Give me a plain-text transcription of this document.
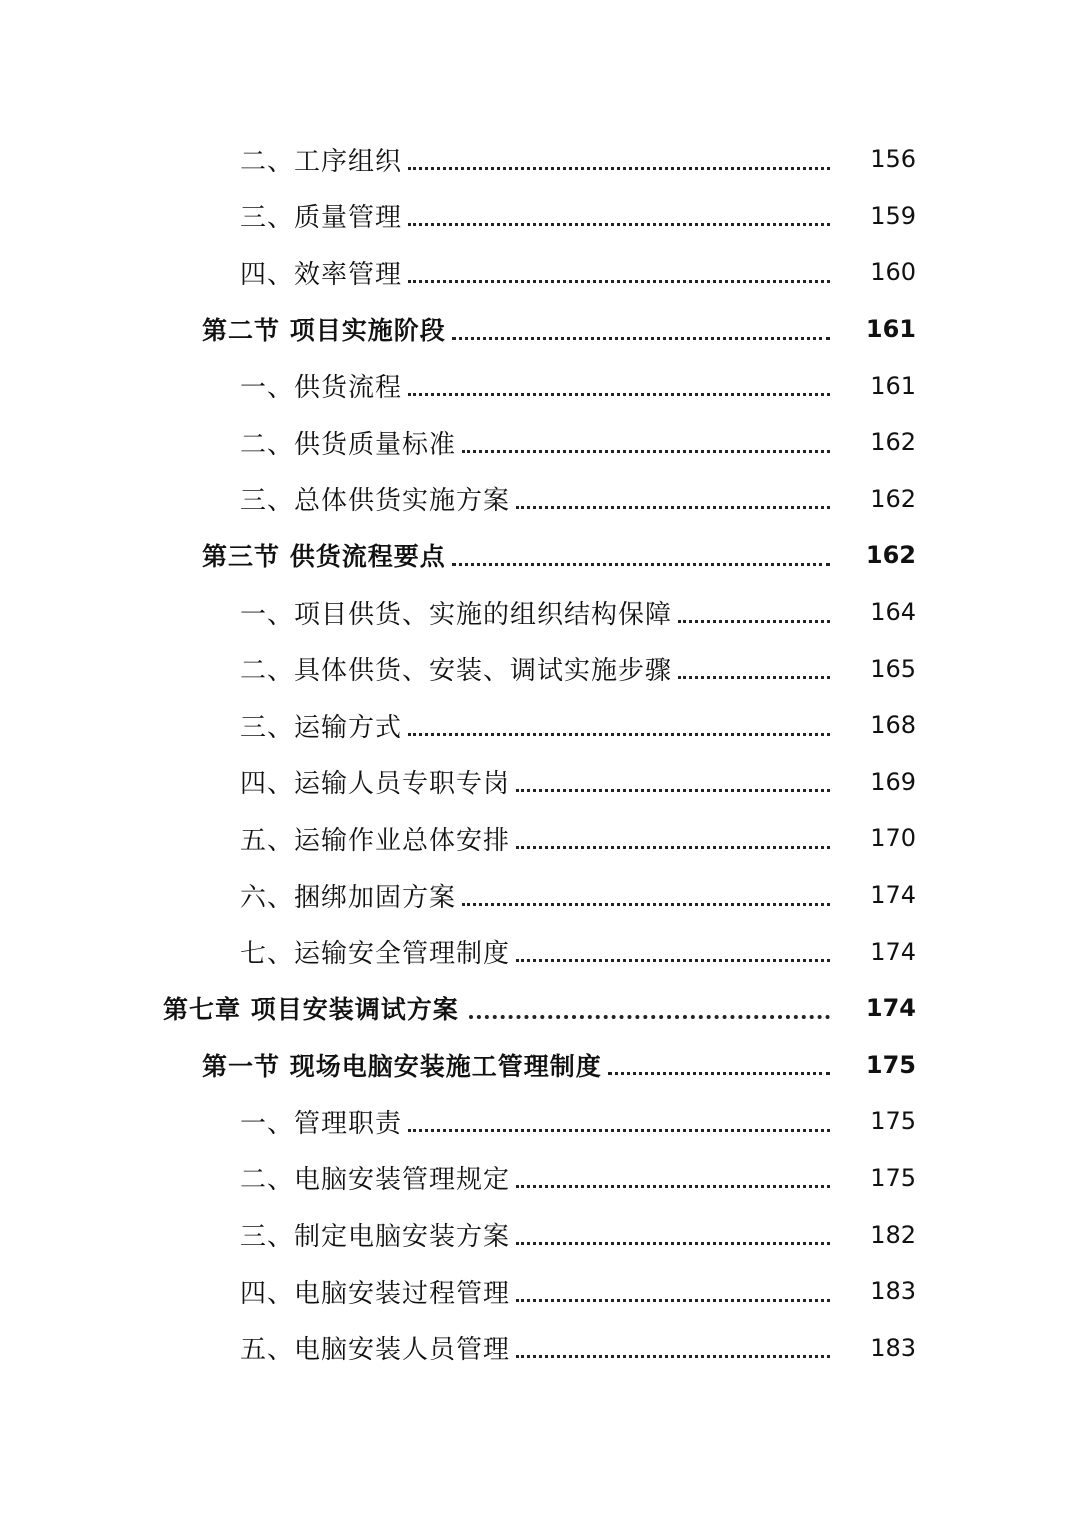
二、工序组织	156
三、质量管理	159
四、效率管理	160
第二节 项目实施阶段	161
一、供货流程	161
二、供货质量标准	162
三、总体供货实施方案	162
第三节 供货流程要点	162
一、项目供货、实施的组织结构保障	164
二、具体供货、安装、调试实施步骤	165
三、运输方式	168
四、运输人员专职专岗	169
五、运输作业总体安排	170
六、捆绑加固方案	174
七、运输安全管理制度	174
第七章 项目安装调试方案	174
第一节 现场电脑安装施工管理制度	175
一、管理职责	175
二、电脑安装管理规定	175
三、制定电脑安装方案	182
四、电脑安装过程管理	183
五、电脑安装人员管理	183
